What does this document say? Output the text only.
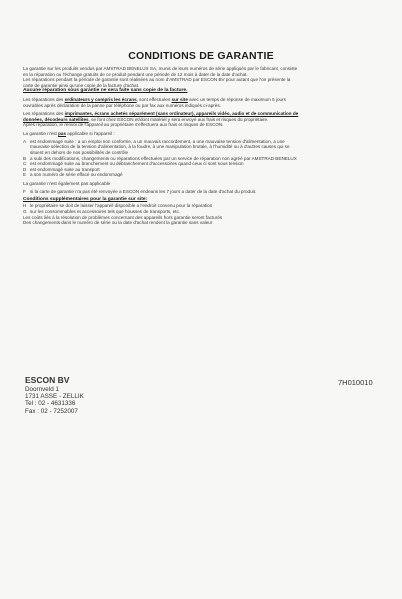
CONDITIONS DE GARANTIE

La garantie sur les produits vendus par AMSTRAD BENELUX SA, munis de leurs numéros de série appliqués par le fabricant, consiste

en la réparation ou l'échange gratuits de ce produit pendant une période de 12 mois à dater de la date d'achat.

Les réparations pendant la période de garantie sont réalisées au nom d'AMSTRAD par ESCON BV pour autant que l'on présente la

carte de garantie ainsi qu'une copie de la facture d'achat.

Aucune réparation sous garantie ne sera faite sans copie de la facture.

Les réparations des ordinateurs y compris les écrans, sont effectuées sur site avec un temps de réponse de maximum 5 jours

ouvrables après déclaration de la panne par téléphone ou par fax aux numéros indiqués ci-après.

Les réparations des imprimantes, écrans achetés séparément (sans ordinateur), appareils vidéo, audio et de communication de

données, décodeurs satellites, se font chez ESCON et/dont matériel y sera envoyé aux frais et risques du propriétaire.

Après réparation, le renvoi de l'appareil au propriétaire s'effectuera aux frais et risques de ESCON.

La garantie n'est pas applicable si l'appareil :

A est endommagé suite : a un emploi non conforme, a un mauvais raccordement, a une mauvaise tension d'alimentation, a une
mauvaise sélection de la tension d'alimentation, à la foudre, à une manipulation brutale, à l'humidité ou à d'autres causes qui se
situent en dehors de nos possibilités de contrôle
B a subi des modifications, changements ou réparations effectuées par un service de réparation non agréé par AMSTRAD BENELUX
C est endommagé suite au branchement ou débranchement d'accessoires quand ceux ci sont sous tension
D est endommagé suite au transport
E a son numéro de série effacé ou endommagé

La garantie n'est également pas applicable

F si la carte de garantie n'a pas été renvoyée a ESCON endeans les 7 jours a dater de la date d'achat du produit.

Conditions supplémentaires pour la garantie sur site:

H le propriétaire se doit de laisser l'appareil disponible a l'endroit convenu pour la réparation
G sur les consommables et accessoires tels que housses de transports, etc.
Les coûts liés à la résolution de problèmes concernant des appareils hors garantie seront facturés
Des changements dans le numéro de série ou la date d'achat rendent la garantie sans valeur
ESCON BV
Doornveld 1
1731 ASSE - ZELLIK
Tel : 02 - 4631336
Fax : 02 - 7252007
7H010010
